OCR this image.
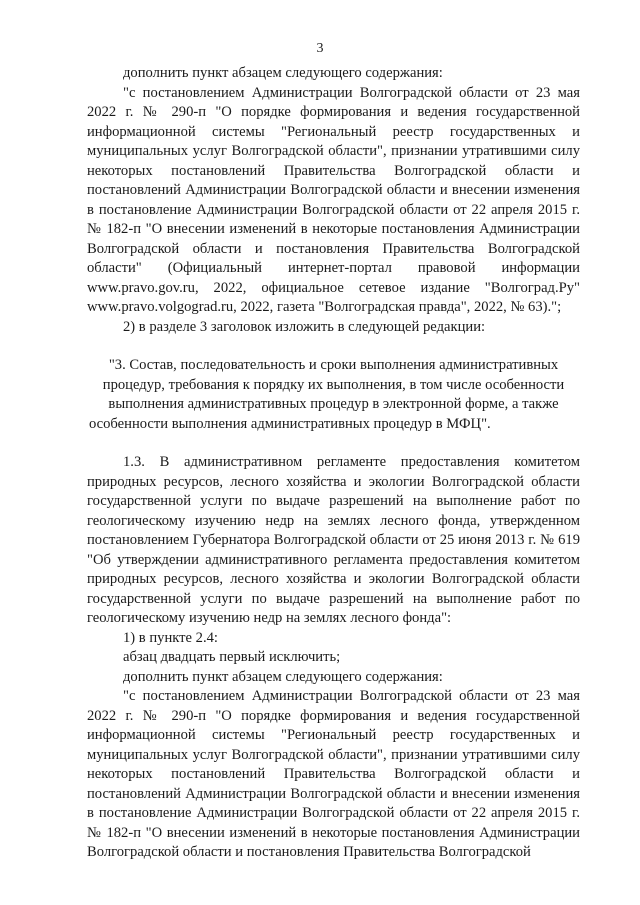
3

дополнить пункт абзацем следующего содержания:

"с постановлением Администрации Волгоградской области от 23 мая 2022 г. № 290-п "О порядке формирования и ведения государственной информационной системы "Региональный реестр государственных и муниципальных услуг Волгоградской области", признании утратившими силу некоторых постановлений Правительства Волгоградской области и постановлений Администрации Волгоградской области и внесении изменения в постановление Администрации Волгоградской области от 22 апреля 2015 г. № 182-п "О внесении изменений в некоторые постановления Администрации Волгоградской области и постановления Правительства Волгоградской области" (Официальный интернет-портал правовой информации www.pravo.gov.ru, 2022, официальное сетевое издание "Волгоград.Ру" www.pravo.volgograd.ru, 2022, газета "Волгоградская правда", 2022, № 63).";

2) в разделе 3 заголовок изложить в следующей редакции:

"3. Состав, последовательность и сроки выполнения административных процедур, требования к порядку их выполнения, в том числе особенности выполнения административных процедур в электронной форме, а также особенности выполнения административных процедур в МФЦ".

1.3. В административном регламенте предоставления комитетом природных ресурсов, лесного хозяйства и экологии Волгоградской области государственной услуги по выдаче разрешений на выполнение работ по геологическому изучению недр на землях лесного фонда, утвержденном постановлением Губернатора Волгоградской области от 25 июня 2013 г. № 619 "Об утверждении административного регламента предоставления комитетом природных ресурсов, лесного хозяйства и экологии Волгоградской области государственной услуги по выдаче разрешений на выполнение работ по геологическому изучению недр на землях лесного фонда":

1) в пункте 2.4:

абзац двадцать первый исключить;

дополнить пункт абзацем следующего содержания:

"с постановлением Администрации Волгоградской области от 23 мая 2022 г. № 290-п "О порядке формирования и ведения государственной информационной системы "Региональный реестр государственных и муниципальных услуг Волгоградской области", признании утратившими силу некоторых постановлений Правительства Волгоградской области и постановлений Администрации Волгоградской области и внесении изменения в постановление Администрации Волгоградской области от 22 апреля 2015 г. № 182-п "О внесении изменений в некоторые постановления Администрации Волгоградской области и постановления Правительства Волгоградской
